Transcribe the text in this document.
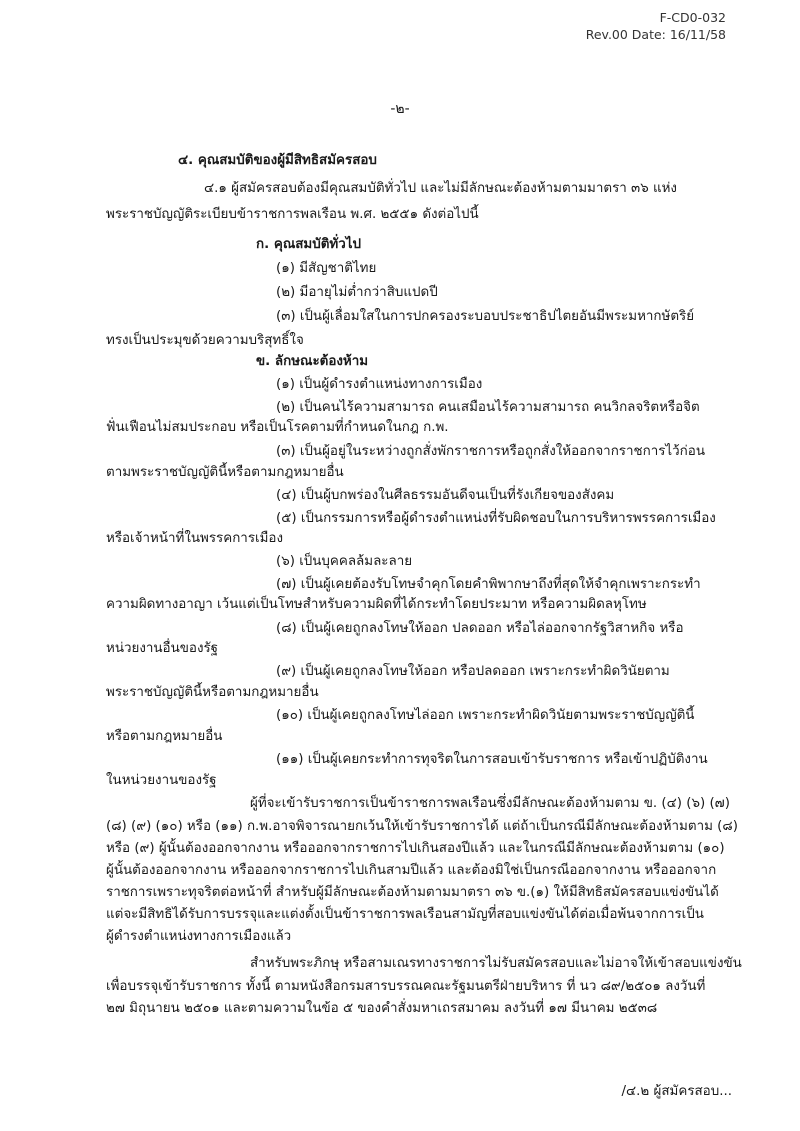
F-CD0-032
Rev.00 Date: 16/11/58
-๒-
๔. คุณสมบัติของผู้มีสิทธิสมัครสอบ
๔.๑ ผู้สมัครสอบต้องมีคุณสมบัติทั่วไป และไม่มีลักษณะต้องห้ามตามมาตรา ๓๖ แห่ง
พระราชบัญญัติระเบียบข้าราชการพลเรือน พ.ศ. ๒๕๕๑ ดังต่อไปนี้
ก. คุณสมบัติทั่วไป
(๑) มีสัญชาติไทย
(๒) มีอายุไม่ต่ำกว่าสิบแปดปี
(๓) เป็นผู้เลื่อมใสในการปกครองระบอบประชาธิปไตยอันมีพระมหากษัตริย์
ทรงเป็นประมุขด้วยความบริสุทธิ์ใจ
ข. ลักษณะต้องห้าม
(๑) เป็นผู้ดำรงตำแหน่งทางการเมือง
(๒) เป็นคนไร้ความสามารถ คนเสมือนไร้ความสามารถ คนวิกลจริตหรือจิต
ฟั่นเฟือนไม่สมประกอบ หรือเป็นโรคตามที่กำหนดในกฎ ก.พ.
(๓) เป็นผู้อยู่ในระหว่างถูกสั่งพักราชการหรือถูกสั่งให้ออกจากราชการไว้ก่อน
ตามพระราชบัญญัตินี้หรือตามกฎหมายอื่น
(๔) เป็นผู้บกพร่องในศีลธรรมอันดีจนเป็นที่รังเกียจของสังคม
(๕) เป็นกรรมการหรือผู้ดำรงตำแหน่งที่รับผิดชอบในการบริหารพรรคการเมือง
หรือเจ้าหน้าที่ในพรรคการเมือง
(๖) เป็นบุคคลล้มละลาย
(๗) เป็นผู้เคยต้องรับโทษจำคุกโดยคำพิพากษาถึงที่สุดให้จำคุกเพราะกระทำ
ความผิดทางอาญา เว้นแต่เป็นโทษสำหรับความผิดที่ได้กระทำโดยประมาท หรือความผิดลหุโทษ
(๘) เป็นผู้เคยถูกลงโทษให้ออก ปลดออก หรือไล่ออกจากรัฐวิสาหกิจ หรือ
หน่วยงานอื่นของรัฐ
(๙) เป็นผู้เคยถูกลงโทษให้ออก หรือปลดออก เพราะกระทำผิดวินัยตาม
พระราชบัญญัตินี้หรือตามกฎหมายอื่น
(๑๐) เป็นผู้เคยถูกลงโทษไล่ออก เพราะกระทำผิดวินัยตามพระราชบัญญัตินี้
หรือตามกฎหมายอื่น
(๑๑) เป็นผู้เคยกระทำการทุจริตในการสอบเข้ารับราชการ หรือเข้าปฏิบัติงาน
ในหน่วยงานของรัฐ
ผู้ที่จะเข้ารับราชการเป็นข้าราชการพลเรือนซึ่งมีลักษณะต้องห้ามตาม ข. (๔) (๖) (๗)
(๘) (๙) (๑๐) หรือ (๑๑) ก.พ.อาจพิจารณายกเว้นให้เข้ารับราชการได้ แต่ถ้าเป็นกรณีมีลักษณะต้องห้ามตาม (๘)
หรือ (๙) ผู้นั้นต้องออกจากงาน หรือออกจากราชการไปเกินสองปีแล้ว และในกรณีมีลักษณะต้องห้ามตาม (๑๐)
ผู้นั้นต้องออกจากงาน หรือออกจากราชการไปเกินสามปีแล้ว และต้องมิใช่เป็นกรณีออกจากงาน หรือออกจาก
ราชการเพราะทุจริตต่อหน้าที่ สำหรับผู้มีลักษณะต้องห้ามตามมาตรา ๓๖ ข.(๑) ให้มีสิทธิสมัครสอบแข่งขันได้
แต่จะมีสิทธิได้รับการบรรจุและแต่งตั้งเป็นข้าราชการพลเรือนสามัญที่สอบแข่งขันได้ต่อเมื่อพ้นจากการเป็น
ผู้ดำรงตำแหน่งทางการเมืองแล้ว
สำหรับพระภิกษุ หรือสามเณรทางราชการไม่รับสมัครสอบและไม่อาจให้เข้าสอบแข่งขัน
เพื่อบรรจุเข้ารับราชการ ทั้งนี้ ตามหนังสือกรมสารบรรณคณะรัฐมนตรีฝ่ายบริหาร ที่ นว ๘๙/๒๕๐๑ ลงวันที่
๒๗ มิถุนายน ๒๕๐๑ และตามความในข้อ ๕ ของคำสั่งมหาเถรสมาคม ลงวันที่ ๑๗ มีนาคม ๒๕๓๘
/๔.๒ ผู้สมัครสอบ...
